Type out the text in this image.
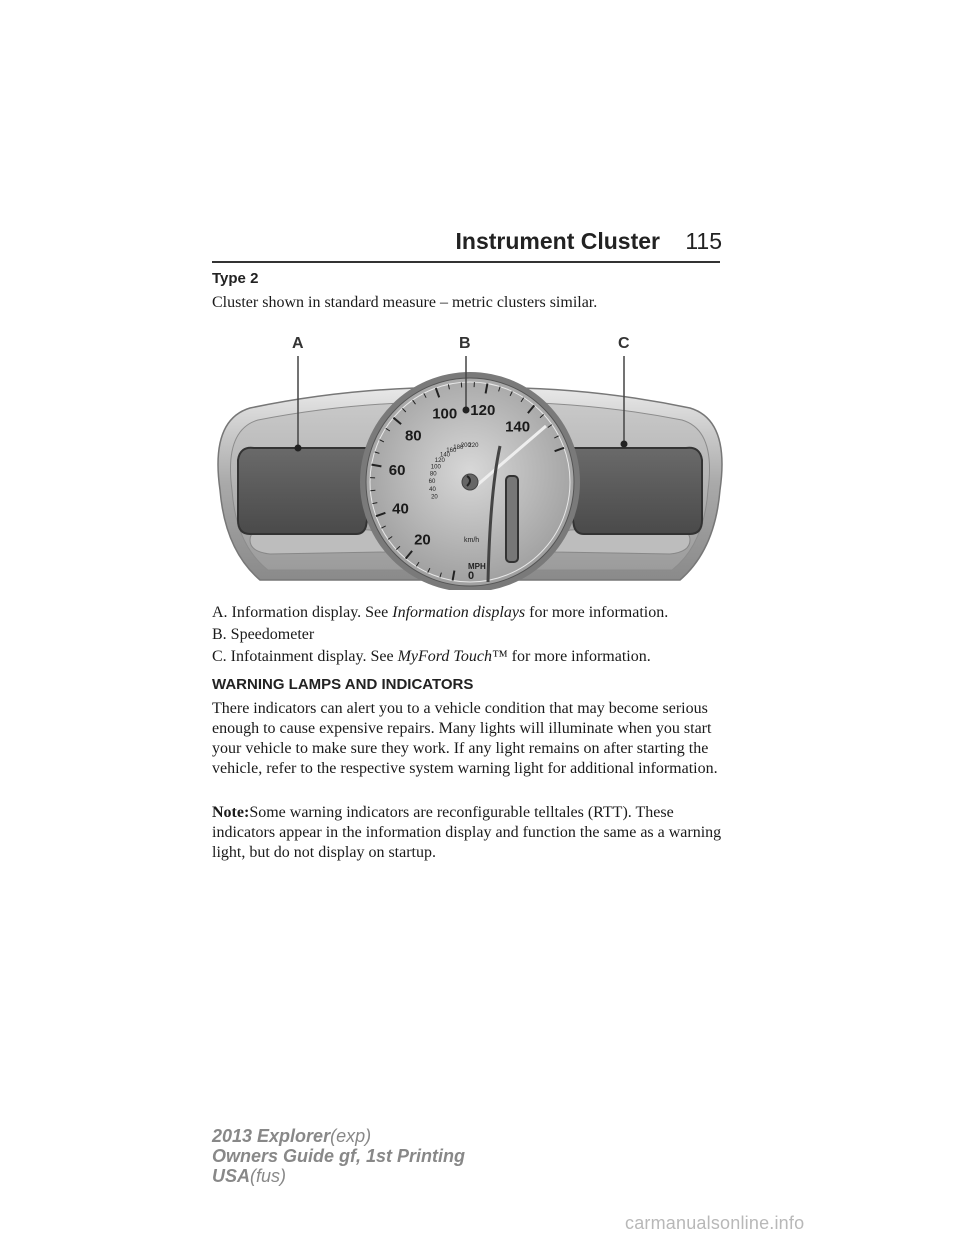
Instrument Cluster	115
Type 2
Cluster shown in standard measure – metric clusters similar.
20
40
60
80
100 120
140
20
40
60
80
100
120
140
160
180
200
220
km/h
MPH
0
A	B	C
A. Information display. See Information displays for more information.
B. Speedometer
C. Infotainment display. See MyFord Touch™ for more information.
WARNING LAMPS AND INDICATORS
There indicators can alert you to a vehicle condition that may become serious enough to cause expensive repairs. Many lights will illuminate when you start your vehicle to make sure they work. If any light remains on after starting the vehicle, refer to the respective system warning light for additional information.
Note:Some warning indicators are reconfigurable telltales (RTT). These indicators appear in the information display and function the same as a warning light, but do not display on startup.
2013 Explorer(exp)
Owners Guide gf, 1st Printing
USA(fus)
carmanualsonline.info
